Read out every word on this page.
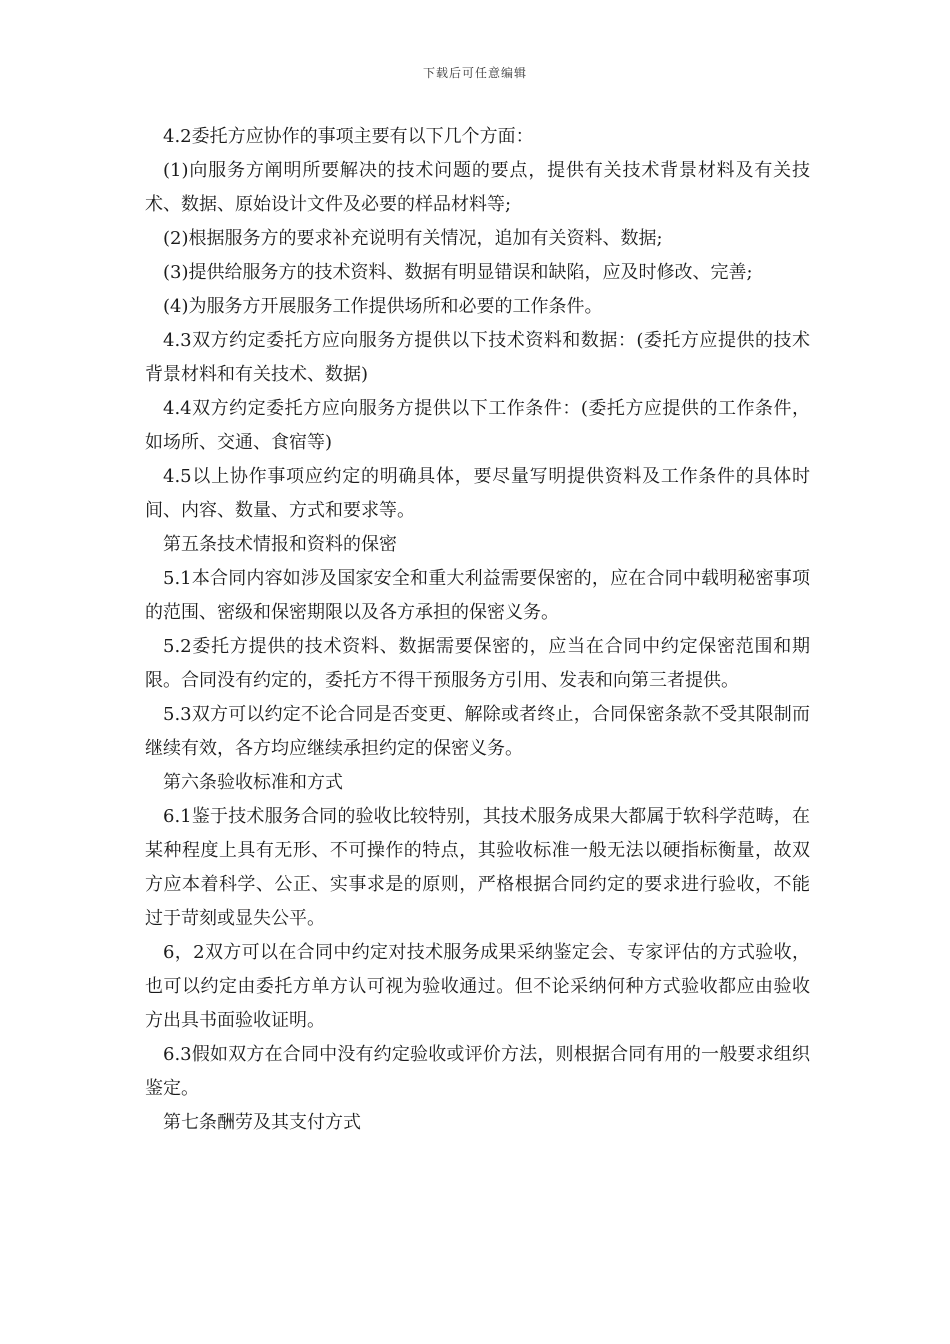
下载后可任意编辑

4.2委托方应协作的事项主要有以下几个方面：

(1)向服务方阐明所要解决的技术问题的要点，提供有关技术背景材料及有关技术、数据、原始设计文件及必要的样品材料等;

(2)根据服务方的要求补充说明有关情况，追加有关资料、数据;

(3)提供给服务方的技术资料、数据有明显错误和缺陷，应及时修改、完善;

(4)为服务方开展服务工作提供场所和必要的工作条件。

4.3双方约定委托方应向服务方提供以下技术资料和数据：(委托方应提供的技术背景材料和有关技术、数据)

4.4双方约定委托方应向服务方提供以下工作条件：(委托方应提供的工作条件，如场所、交通、食宿等)

4.5以上协作事项应约定的明确具体，要尽量写明提供资料及工作条件的具体时间、内容、数量、方式和要求等。

第五条技术情报和资料的保密

5.1本合同内容如涉及国家安全和重大利益需要保密的，应在合同中载明秘密事项的范围、密级和保密期限以及各方承担的保密义务。

5.2委托方提供的技术资料、数据需要保密的，应当在合同中约定保密范围和期限。合同没有约定的，委托方不得干预服务方引用、发表和向第三者提供。

5.3双方可以约定不论合同是否变更、解除或者终止，合同保密条款不受其限制而继续有效，各方均应继续承担约定的保密义务。

第六条验收标准和方式

6.1鉴于技术服务合同的验收比较特别，其技术服务成果大都属于软科学范畴，在某种程度上具有无形、不可操作的特点，其验收标准一般无法以硬指标衡量，故双方应本着科学、公正、实事求是的原则，严格根据合同约定的要求进行验收，不能过于苛刻或显失公平。

6，2双方可以在合同中约定对技术服务成果采纳鉴定会、专家评估的方式验收，也可以约定由委托方单方认可视为验收通过。但不论采纳何种方式验收都应由验收方出具书面验收证明。

6.3假如双方在合同中没有约定验收或评价方法，则根据合同有用的一般要求组织鉴定。

第七条酬劳及其支付方式
